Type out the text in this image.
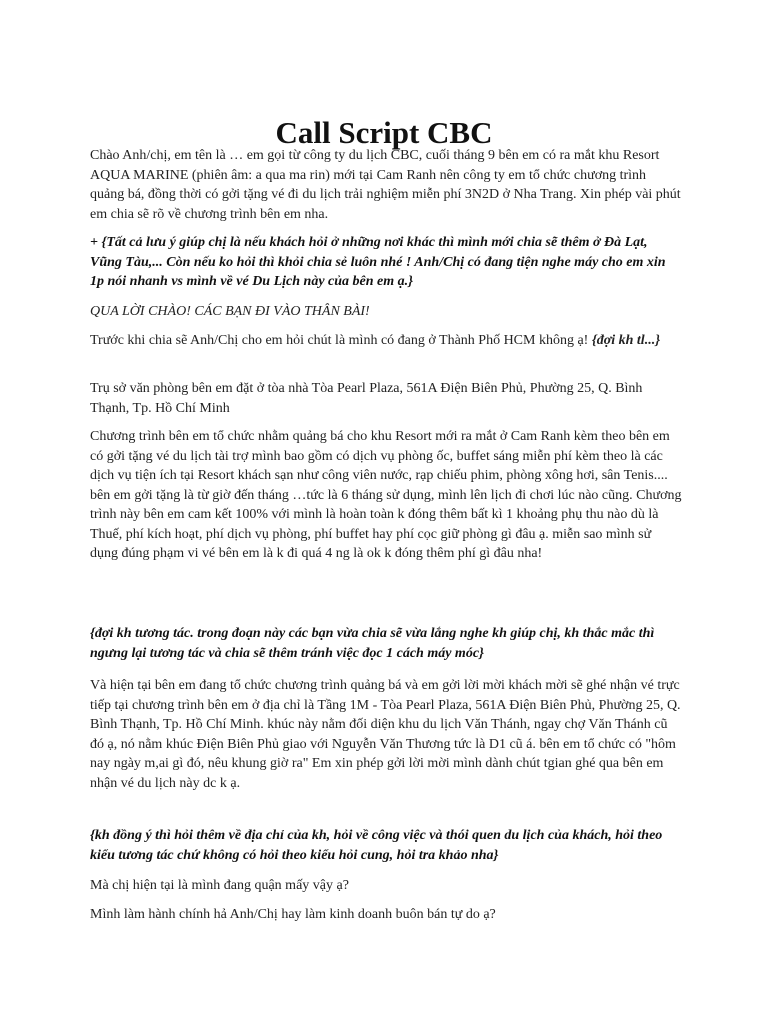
Call Script CBC

Chào Anh/chị, em tên là … em gọi từ công ty du lịch CBC, cuối tháng 9 bên em có ra mắt khu Resort AQUA MARINE (phiên âm: a qua ma rin) mới tại Cam Ranh nên công ty em tổ chức chương trình quảng bá, đồng thời có gởi tặng vé đi du lịch trải nghiệm miễn phí 3N2D ở Nha Trang. Xin phép vài phút em chia sẽ rõ về chương trình bên em nha.

+ {Tất cả lưu ý giúp chị là nếu khách hỏi ở những nơi khác thì mình mới chia sẽ thêm ở Đà Lạt, Vũng Tàu,... Còn nếu ko hỏi thì khỏi chia sẻ luôn nhé ! Anh/Chị có đang tiện nghe máy cho em xin 1p nói nhanh vs mình về vé Du Lịch này của bên em ạ.}

QUA LỜI CHÀO! CÁC BẠN ĐI VÀO THÂN BÀI!

Trước khi chia sẽ Anh/Chị cho em hỏi chút là mình có đang ở Thành Phố HCM không ạ! {đợi kh tl...}

Trụ sở văn phòng bên em đặt ở tòa nhà Tòa Pearl Plaza, 561A Điện Biên Phủ, Phường 25, Q. Bình Thạnh, Tp. Hồ Chí Minh

Chương trình bên em tổ chức nhằm quảng bá cho khu Resort mới ra mắt ở Cam Ranh kèm theo bên em có gởi tặng vé du lịch tài trợ mình bao gồm có dịch vụ phòng ốc, buffet sáng miễn phí kèm theo là các dịch vụ tiện ích tại Resort khách sạn như công viên nước, rạp chiếu phim, phòng xông hơi, sân Tenis.... bên em gởi tặng là từ giờ đến tháng …tức là 6 tháng sử dụng, mình lên lịch đi chơi lúc nào cũng. Chương trình này bên em cam kết 100% với mình là hoàn toàn k đóng thêm bất kì 1 khoảng phụ thu nào dù là Thuế, phí kích hoạt, phí dịch vụ phòng, phí buffet hay phí cọc giữ phòng gì đâu ạ. miễn sao mình sử dụng đúng phạm vi vé bên em là k đi quá 4 ng là ok k đóng thêm phí gì đâu nha!

{đợi kh tương tác. trong đoạn này các bạn vừa chia sẽ vừa lắng nghe kh giúp chị, kh thắc mắc thì ngưng lại tương tác và chia sẽ thêm tránh việc đọc 1 cách máy móc}

Và hiện tại bên em đang tổ chức chương trình quảng bá và em gởi lời mời khách mời sẽ ghé nhận vé trực tiếp tại chương trình bên em ở địa chỉ là Tầng 1M - Tòa Pearl Plaza, 561A Điện Biên Phủ, Phường 25, Q. Bình Thạnh, Tp. Hồ Chí Minh. khúc này nằm đối diện khu du lịch Văn Thánh, ngay chợ Văn Thánh cũ đó ạ, nó nằm khúc Điện Biên Phủ giao với Nguyễn Văn Thương tức là D1 cũ á. bên em tổ chức có "hôm nay ngày m,ai gì đó, nêu khung giờ ra" Em xin phép gởi lời mời mình dành chút tgian ghé qua bên em nhận vé du lịch này dc k ạ.

{kh đồng ý thì hỏi thêm về địa chỉ của kh, hỏi về công việc và thói quen du lịch của khách, hỏi theo kiểu tương tác chứ không có hỏi theo kiểu hỏi cung, hỏi tra khảo nha}

Mà chị hiện tại là mình đang quận mấy vậy ạ?

Mình làm hành chính hả Anh/Chị hay làm kinh doanh buôn bán tự do ạ?
